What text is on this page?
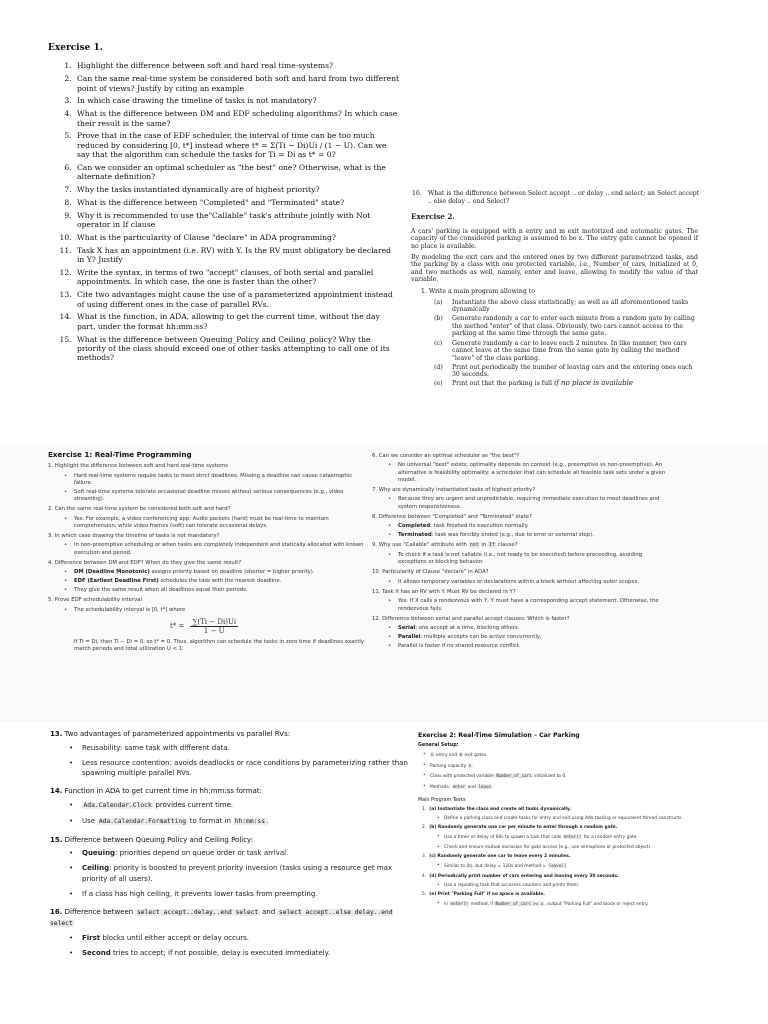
Exercise 1.
1. Highlight the difference between soft and hard real time-systems?
2. Can the same real-time system be considered both soft and hard from two different point of views? Justify by citing an example
3. In which case drawing the timeline of tasks is not mandatory?
4. What is the difference between DM and EDF scheduling algorithms? In which case their result is the same?
5. Prove that in the case of EDF scheduler, the interval of time can be too much reduced by considering [0, t*] instead where t* = Σ(Ti − Di)Ui / (1 − U). Can we say that the algorithm can schedule the tasks for Ti = Di as t* = 0?
6. Can we consider an optimal scheduler as "the best" one? Otherwise, what is the alternate definition?
7. Why the tasks instantiated dynamically are of highest priority?
8. What is the difference between "Completed" and "Terminated" state?
9. Why it is recommended to use the"Callable" task's attribute jointly with Not operator in If clause
10. What is the particularity of Clause "declare" in ADA programming?
11. Task X has an appointment (i.e. RV) with Y. Is the RV must obligatory be declared in Y? Justify
12. Write the syntax, in terms of two "accept" clauses, of both serial and parallel appointments. In which case, the one is faster than the other?
13. Cite two advantages might cause the use of a parameterized appointment instead of using different ones in the case of parallel RVs.
14. What is the function, in ADA, allowing to get the current time, without the day part, under the format hh:mm:ss?
15. What is the difference between Queuing_Policy and Ceiling_policy? Why the priority of the class should exceed one of other tasks attempting to call one of its methods?
16. What is the difference between Select accept .. or delay .. end select; an Select accept .. else delay .. end Select?
Exercise 2.
A cars' parking is equipped with n entry and m exit motorized and automatic gates. The capacity of the considered parking is assumed to be x. The entry gate cannot be opened if no place is available.
By modeling the exit cars and the entered ones by two different parametrized tasks, and the parking by a class with one protected variable, i.e., Number_of_cars, initialized at 0, and two methods as well, namely, enter and leave, allowing to modify the value of that variable,
1. Write a main program allowing to
(a)	Instantiate the above class statistically; as well as all aforementioned tasks dynamically
(b)	Generate randomly a car to enter each minute from a random gate by calling the method "enter" of that class. Obviously, two cars cannot access to the parking at the same time through the same gate.
(c)	Generate randomly a car to leave each 2 minutes. In like manner, two cars cannot leave at the same time from the same gate by calling the method "leave" of the class parking.
(d)	Print out periodically the number of leaving cars and the entering ones each 30 seconds.
(e)	Print out that the parking is full if no place is available
Exercise 1: Real-Time Programming
1. Highlight the difference between soft and hard real-time systems
• Hard real-time systems require tasks to meet strict deadlines. Missing a deadline can cause catastrophic failure.
• Soft real-time systems tolerate occasional deadline misses without serious consequences (e.g., video streaming).
2. Can the same real-time system be considered both soft and hard?
• Yes. For example, a video conferencing app: Audio packets (hard) must be real-time to maintain comprehension, while video frames (soft) can tolerate occasional delays.
3. In which case drawing the timeline of tasks is not mandatory?
• In non-preemptive scheduling or when tasks are completely independent and statically allocated with known execution and period.
4. Difference between DM and EDF? When do they give the same result?
• DM (Deadline Monotonic) assigns priority based on deadline (shorter = higher priority).
• EDF (Earliest Deadline First) schedules the task with the nearest deadline.
• They give the same result when all deadlines equal their periods.
5. Prove EDF schedulability interval
• The schedulability interval is [0, t*] where
$t* = \frac{\sum(Ti - Di)Ui}{1 - U}$
If Ti = Di, then Ti − Di = 0, so t* = 0. Thus, algorithm can schedule the tasks in zero time if deadlines exactly match periods and total utilization U < 1.
6. Can we consider an optimal scheduler as "the best"?
• No universal "best" exists; optimality depends on context (e.g., preemptive vs non-preemptive). An alternative is feasibility optimality: a scheduler that can schedule all feasible task sets under a given model.
7. Why are dynamically instantiated tasks of highest priority?
• Because they are urgent and unpredictable, requiring immediate execution to meet deadlines and system responsiveness.
8. Difference between "Completed" and "Terminated" state?
• Completed: task finished its execution normally.
• Terminated: task was forcibly ended (e.g., due to error or external stop).
9. Why use "Callable" attribute with not in If clause?
• To check if a task is not callable (i.e., not ready to be executed) before proceeding, avoiding exceptions or blocking behavior.
10. Particularity of Clause "declare" in ADA?
• It allows temporary variables or declarations within a block without affecting outer scopes.
11. Task X has an RV with Y. Must RV be declared in Y?
• Yes. If X calls a rendezvous with Y, Y must have a corresponding accept statement. Otherwise, the rendezvous fails.
12. Difference between serial and parallel accept clauses. Which is faster?
• Serial: one accept at a time, blocking others.
• Parallel: multiple accepts can be active concurrently.
• Parallel is faster if no shared resource conflict.
13. Two advantages of parameterized appointments vs parallel RVs:
• Reusability: same task with different data.
• Less resource contention: avoids deadlocks or race conditions by parameterizing rather than spawning multiple parallel RVs.
14. Function in ADA to get current time in hh:mm:ss format:
• Ada.Calendar.Clock provides current time.
• Use Ada.Calendar.Formatting to format in hh:mm:ss .
15. Difference between Queuing Policy and Ceiling Policy:
• Queuing: priorities depend on queue order or task arrival.
• Ceiling: priority is boosted to prevent priority inversion (tasks using a resource get max priority of all users).
• If a class has high ceiling, it prevents lower tasks from preempting.
16. Difference between select accept..delay..end select and select accept..else delay..end select
• First blocks until either accept or delay occurs.
• Second tries to accept; if not possible, delay is executed immediately.
Exercise 2: Real-Time Simulation – Car Parking
General Setup:
• n entry and m exit gates.
• Parking capacity x.
• Class with protected variable Number_of_cars initialized to 0.
• Methods: enter and leave.
Main Program Tasks
1. (a) Instantiate the class and create all tasks dynamically.
• Define a parking class and create tasks for entry and exit using Ada tasking or equivalent thread constructs.
2. (b) Randomly generate one car per minute to enter through a random gate.
• Use a timer or delay of 60s to spawn a task that calls enter() for a random entry gate.
• Check and ensure mutual exclusion for gate access (e.g., use semaphore or protected object).
3. (c) Randomly generate one car to leave every 2 minutes.
• Similar to (b), but delay = 120s and method = leave().
4. (d) Periodically print number of cars entering and leaving every 30 seconds.
• Use a repeating task that accesses counters and prints them.
5. (e) Print "Parking Full" if no space is available.
• In enter() method, if Number_of_cars >= x, output "Parking Full" and block or reject entry.
